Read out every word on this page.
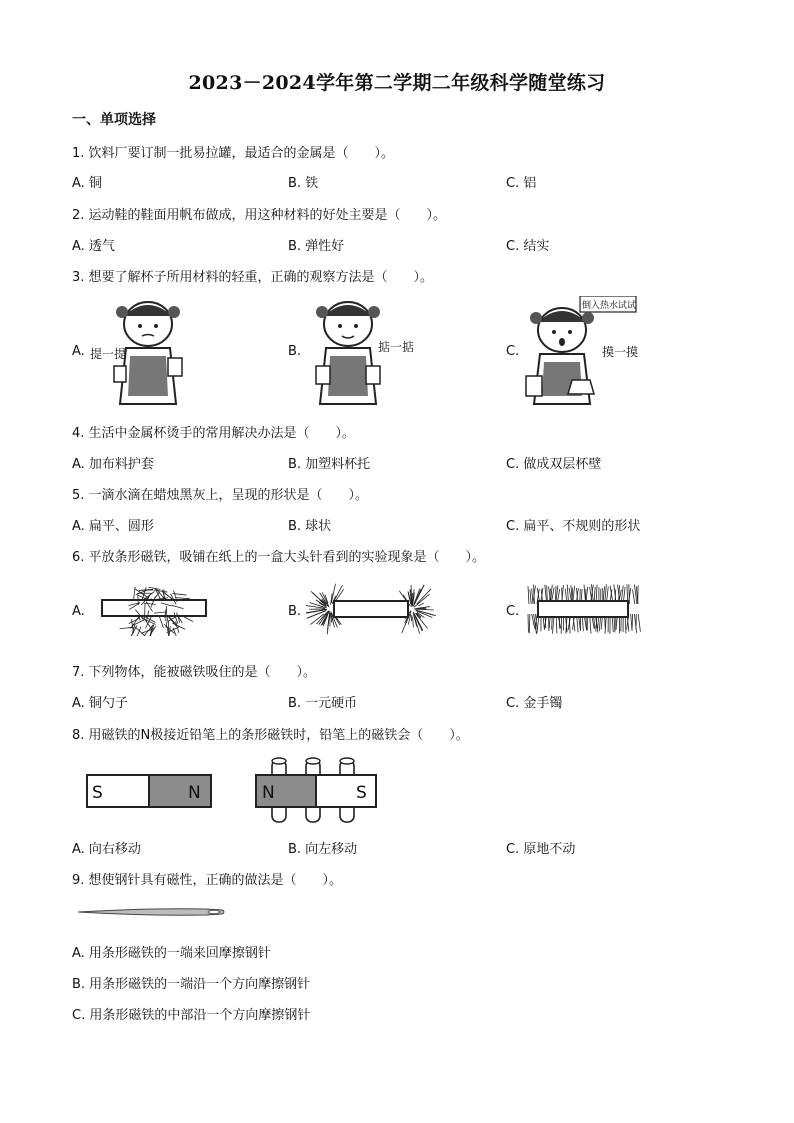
2023－2024学年第二学期二年级科学随堂练习
一、单项选择
1. 饮料厂要订制一批易拉罐，最适合的金属是（　　）。
A. 铜	B. 铁	C. 铝
2. 运动鞋的鞋面用帆布做成，用这种材料的好处主要是（　　）。
A. 透气	B. 弹性好	C. 结实
3. 想要了解杯子所用材料的轻重，正确的观察方法是（　　）。
A.	B.	C.
提一提	掂一掂
倒入热水试试
摸一摸
4. 生活中金属杯烫手的常用解决办法是（　　）。
A. 加布料护套	B. 加塑料杯托	C. 做成双层杯壁
5. 一滴水滴在蜡烛黑灰上，呈现的形状是（　　）。
A. 扁平、圆形	B. 球状	C. 扁平、不规则的形状
6. 平放条形磁铁，吸铺在纸上的一盒大头针看到的实验现象是（　　）。
A.	B.	C.
7. 下列物体，能被磁铁吸住的是（　　）。
A. 铜勺子	B. 一元硬币	C. 金手镯
8. 用磁铁的N极接近铅笔上的条形磁铁时，铅笔上的磁铁会（　　）。
S	N	N	S
A. 向右移动	B. 向左移动	C. 原地不动
9. 想使钢针具有磁性，正确的做法是（　　）。
A. 用条形磁铁的一端来回摩擦钢针
B. 用条形磁铁的一端沿一个方向摩擦钢针
C. 用条形磁铁的中部沿一个方向摩擦钢针
